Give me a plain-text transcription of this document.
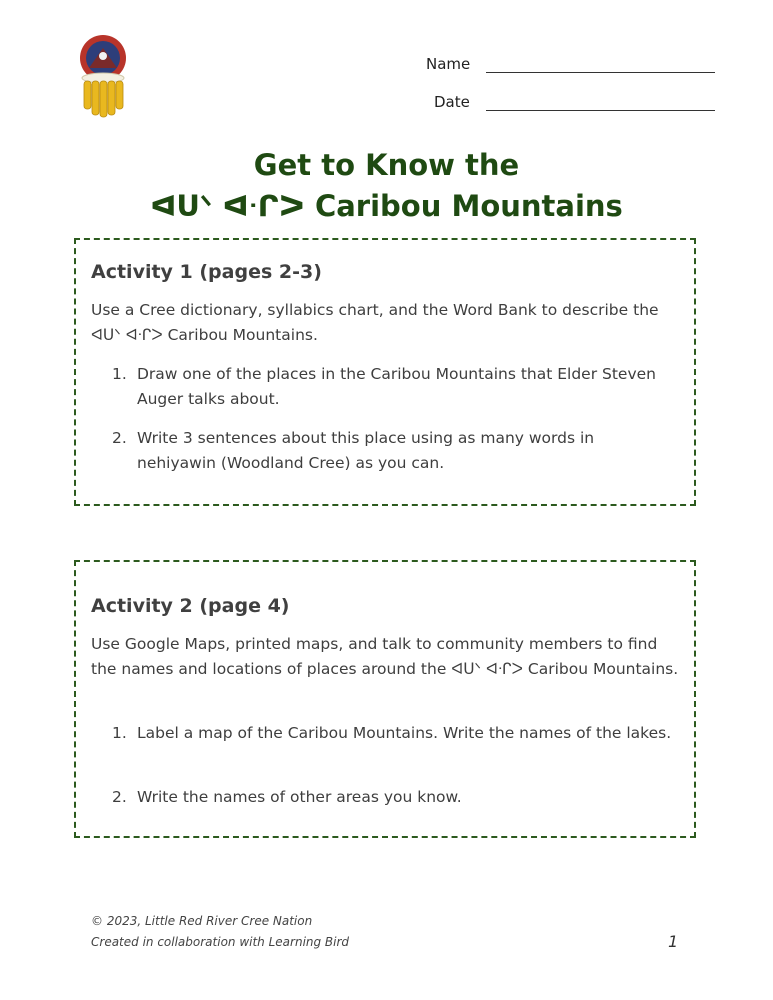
Name
Date
Get to Know the
ᐊᑌᐠ ᐊᐧᒋᐳ Caribou Mountains
Activity 1 (pages 2-3)

Use a Cree dictionary, syllabics chart, and the Word Bank to describe the ᐊᑌᐠ ᐊᐧᒋᐳ Caribou Mountains.

1. Draw one of the places in the Caribou Mountains that Elder Steven Auger talks about.
2. Write 3 sentences about this place using as many words in nehiyawin (Woodland Cree) as you can.
Activity 2 (page 4)

Use Google Maps, printed maps, and talk to community members to find the names and locations of places around the ᐊᑌᐠ ᐊᐧᒋᐳ Caribou Mountains.

1. Label a map of the Caribou Mountains. Write the names of the lakes.
2. Write the names of other areas you know.
© 2023, Little Red River Cree Nation
Created in collaboration with Learning Bird	1
